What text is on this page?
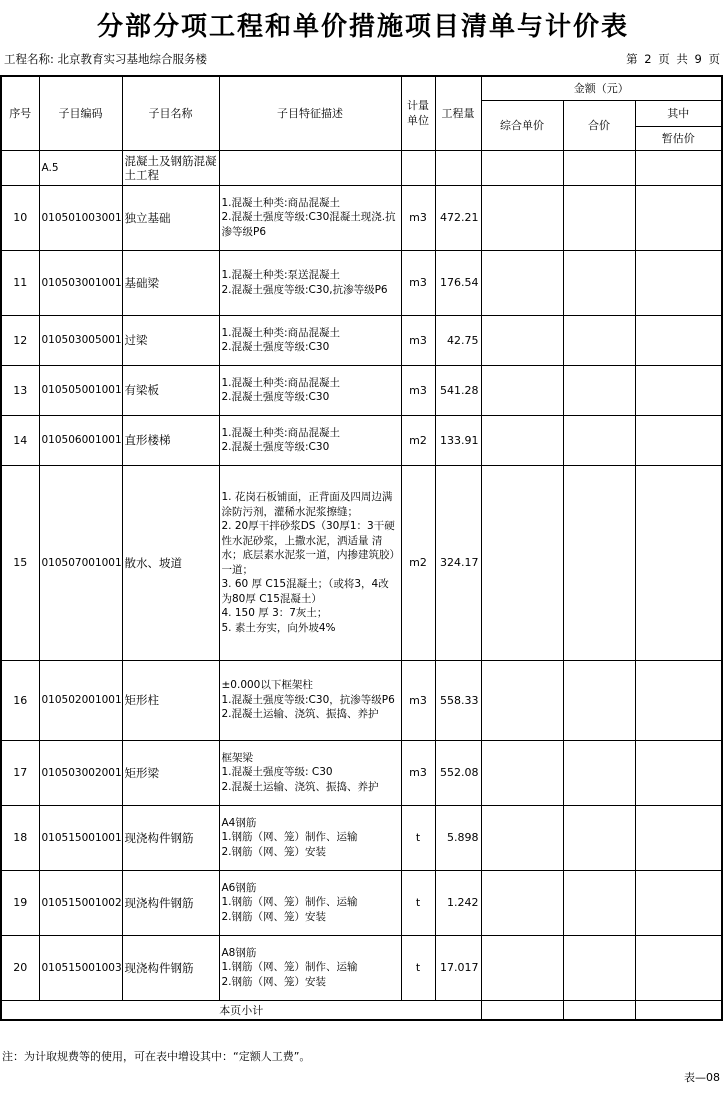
分部分项工程和单价措施项目清单与计价表
工程名称: 北京教育实习基地综合服务楼	第 2 页 共 9 页
序号	子目编码	子目名称	子目特征描述	计量单位	工程量	金额（元）		
						综合单价	合价	其中
								暂估价
	A.5	混凝土及钢筋混凝土工程						
10	010501003001	独立基础	1.混凝土种类:商品混凝土
2.混凝土强度等级:C30混凝土现浇.抗渗等级P6	m3	472.21			
11	010503001001	基础梁	1.混凝土种类:泵送混凝土
2.混凝土强度等级:C30,抗渗等级P6	m3	176.54			
12	010503005001	过梁	1.混凝土种类:商品混凝土
2.混凝土强度等级:C30	m3	42.75			
13	010505001001	有梁板	1.混凝土种类:商品混凝土
2.混凝土强度等级:C30	m3	541.28			
14	010506001001	直形楼梯	1.混凝土种类:商品混凝土
2.混凝土强度等级:C30	m2	133.91			
15	010507001001	散水、坡道	1. 花岗石板铺面，正背面及四周边满涂防污剂，灌稀水泥浆擦缝；
2. 20厚干拌砂浆DS（30厚1：3干硬性水泥砂浆，上撒水泥，洒适量 清水；底层素水泥浆一道，内掺建筑胶）一道；
3. 60 厚 C15混凝土；（或将3，4改为80厚 C15混凝土）
4. 150 厚 3：7灰土；
5. 素土夯实，向外坡4%	m2	324.17			
16	010502001001	矩形柱	±0.000以下框架柱
1.混凝土强度等级:C30，抗渗等级P6
2.混凝土运输、浇筑、振捣、养护	m3	558.33			
17	010503002001	矩形梁	框架梁
1.混凝土强度等级: C30
2.混凝土运输、浇筑、振捣、养护	m3	552.08			
18	010515001001	现浇构件钢筋	A4钢筋
1.钢筋（网、笼）制作、运输
2.钢筋（网、笼）安装	t	5.898			
19	010515001002	现浇构件钢筋	A6钢筋
1.钢筋（网、笼）制作、运输
2.钢筋（网、笼）安装	t	1.242			
20	010515001003	现浇构件钢筋	A8钢筋
1.钢筋（网、笼）制作、运输
2.钢筋（网、笼）安装	t	17.017			
本页小计								
注：为计取规费等的使用，可在表中增设其中：“定额人工费”。
表—08
